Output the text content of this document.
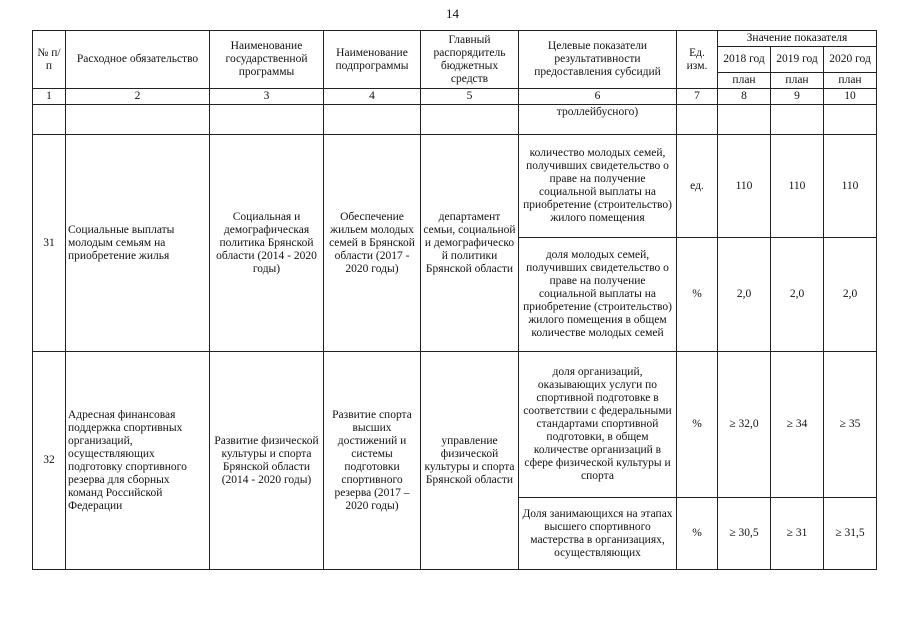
14
№ п/п	Расходное обязательство	Наименование государственной программы	Наименование подпрограммы	Главный распорядитель бюджетных средств	Целевые показатели результативности предоставления субсидий	Ед. изм.	Значение показателя		
							2018 год	2019 год	2020 год
							план	план	план
1	2	3	4	5	6	7	8	9	10
					троллейбусного)				
31	Социальные выплаты молодым семьям на приобретение жилья	Социальная и демографическая политика Брянской области (2014 - 2020 годы)	Обеспечение жильем молодых семей в Брянской области (2017 - 2020 годы)	департамент семьи, социальной и демографическо й политики Брянской области	количество молодых семей, получивших свидетельство о праве на получение социальной выплаты на приобретение (строительство) жилого помещения	ед.	110	110	110
					доля молодых семей, получивших свидетельство о праве на получение социальной выплаты на приобретение (строительство) жилого помещения в общем количестве молодых семей	%	2,0	2,0	2,0
32	Адресная финансовая поддержка спортивных организаций, осуществляющих подготовку спортивного резерва для сборных команд Российской Федерации	Развитие физической культуры и спорта Брянской области (2014 - 2020 годы)	Развитие спорта высших достижений и системы подготовки спортивного резерва (2017 – 2020 годы)	управление физической культуры и спорта Брянской области	доля организаций, оказывающих услуги по спортивной подготовке в соответствии с федеральными стандартами спортивной подготовки, в общем количестве организаций в сфере физической культуры и спорта	%	≥ 32,0	≥ 34	≥ 35
					Доля занимающихся на этапах высшего спортивного мастерства в организациях, осуществляющих	%	≥ 30,5	≥ 31	≥ 31,5
